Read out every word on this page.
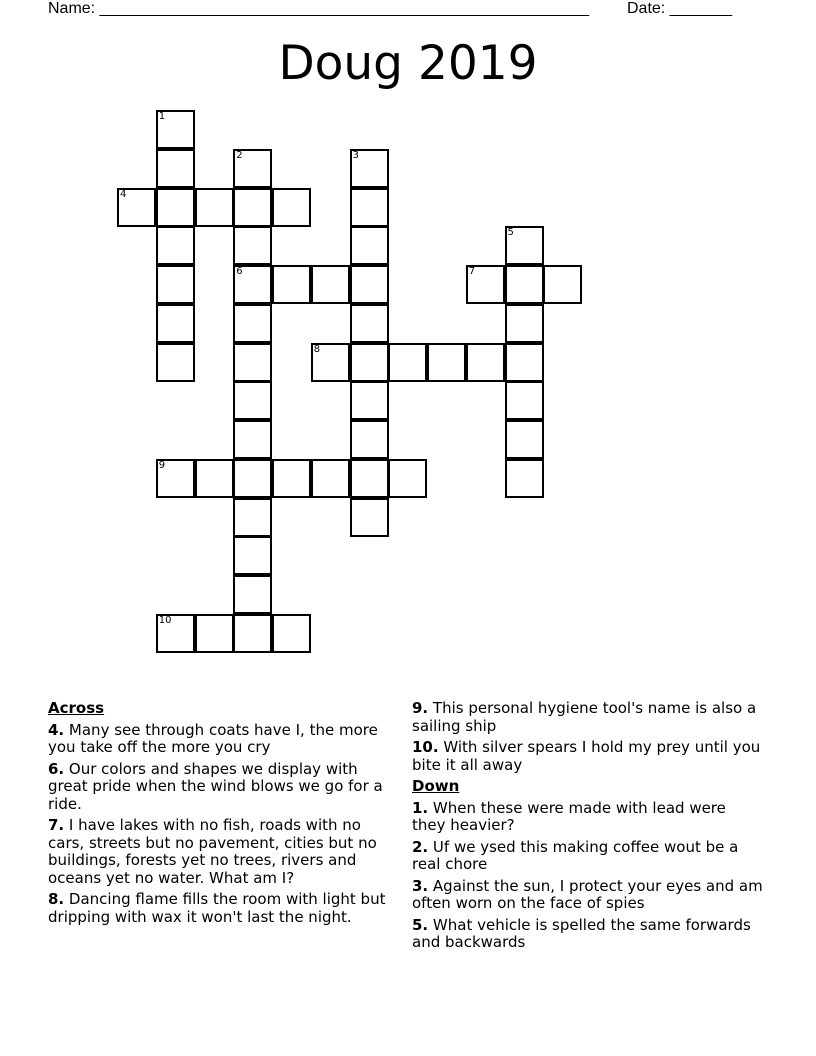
Name: _______________________________________________________ Date: _______
Doug 2019
1
2
6
3
4
5
7
8
9
10
Across
4. Many see through coats have I, the more you take off the more you cry
6. Our colors and shapes we display with great pride when the wind blows we go for a ride.
7. I have lakes with no fish, roads with no cars, streets but no pavement, cities but no buildings, forests yet no trees, rivers and oceans yet no water. What am I?
8. Dancing flame fills the room with light but dripping with wax it won't last the night.
9. This personal hygiene tool's name is also a sailing ship
10. With silver spears I hold my prey until you bite it all away
Down
1. When these were made with lead were they heavier?
2. Uf we ysed this making coffee wout be a real chore
3. Against the sun, I protect your eyes and am often worn on the face of spies
5. What vehicle is spelled the same forwards and backwards
